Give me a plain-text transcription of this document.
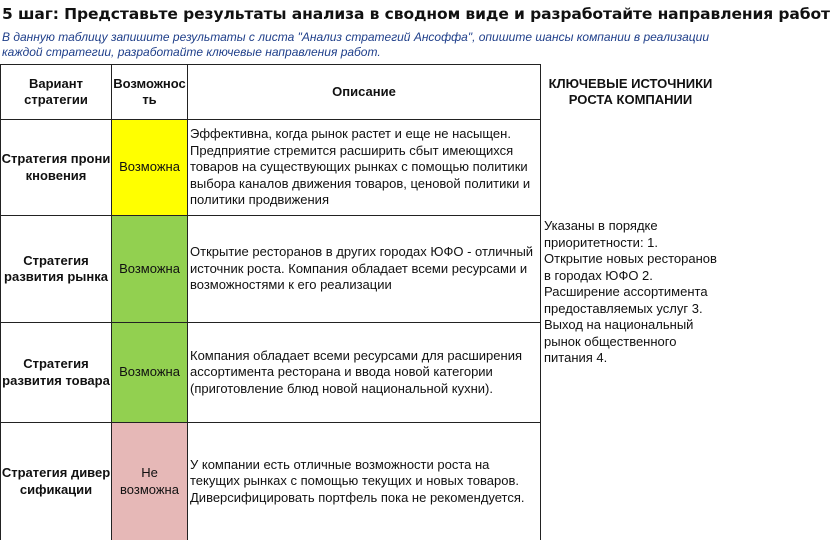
5 шаг: Представьте результаты анализа в сводном виде и разработайте направления работ
В данную таблицу запишите результаты с листа "Анализ стратегий Ансоффа", опишите шансы компании в реализации каждой стратегии, разработайте ключевые направления работ.
Вариант стратегии
Возможность
Описание
КЛЮЧЕВЫЕ ИСТОЧНИКИ РОСТА КОМПАНИИ
Стратегия проникновения
Возможна
Эффективна, когда рынок растет и еще не насыщен. Предприятие стремится расширить сбыт имеющихся товаров на существующих рынках с помощью политики выбора каналов движения товаров, ценовой политики и политики продвижения
Стратегия развития рынка
Возможна
Открытие ресторанов в других городах ЮФО - отличный источник роста. Компания обладает всеми ресурсами и возможностями к его реализации
Стратегия развития товара
Возможна
Компания обладает всеми ресурсами для расширения ассортимента ресторана и ввода новой категории (приготовление блюд новой национальной кухни).
Стратегия диверсификации
Не возможна
У компании есть отличные возможности роста на текущих рынках с помощью текущих и новых товаров. Диверсифицировать портфель пока не рекомендуется.
Указаны в порядке приоритетности: 1. Открытие новых ресторанов в городах ЮФО 2. Расширение ассортимента предоставляемых услуг 3. Выход на национальный рынок общественного питания 4.
